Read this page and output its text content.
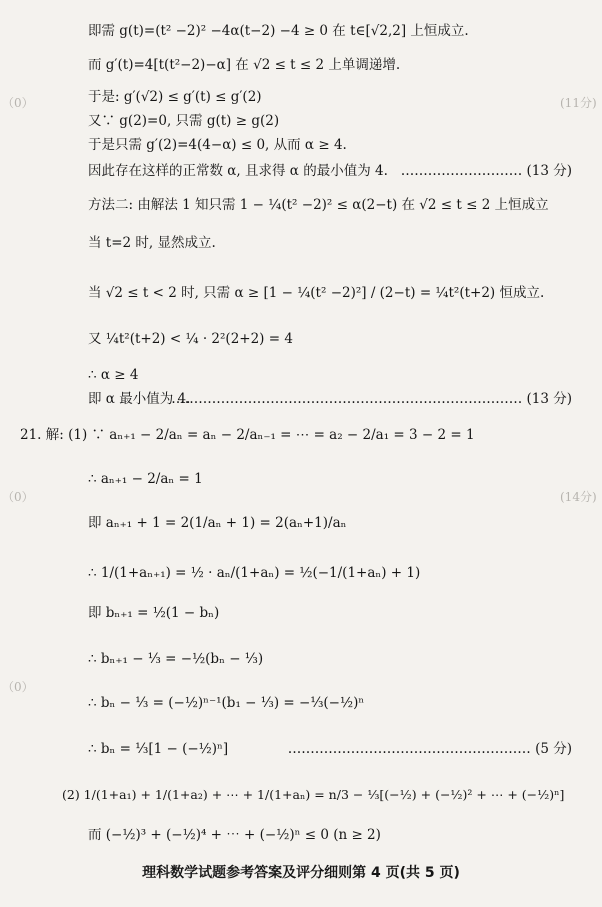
（0）	(11分)
（0）	(14分)
（0）
即需 g(t)=(t² −2)² −4α(t−2) −4 ≥ 0 在 t∈[√2,2] 上恒成立.
而 g′(t)=4[t(t²−2)−α] 在 √2 ≤ t ≤ 2 上单调递增.
于是: g′(√2) ≤ g′(t) ≤ g′(2)
又∵ g(2)=0, 只需 g(t) ≥ g(2)
于是只需 g′(2)=4(4−α) ≤ 0, 从而 α ≥ 4.
因此存在这样的正常数 α, 且求得 α 的最小值为 4. ……………………… (13 分)
方法二: 由解法 1 知只需 1 − ¼(t² −2)² ≤ α(2−t) 在 √2 ≤ t ≤ 2 上恒成立
当 t=2 时, 显然成立.
当 √2 ≤ t < 2 时, 只需 α ≥ [1 − ¼(t² −2)²] / (2−t) = ¼t²(t+2) 恒成立.
又 ¼t²(t+2) < ¼ · 2²(2+2) = 4
∴ α ≥ 4
即 α 最小值为 4.
…………………………………………………………………… (13 分)
21. 解: (1) ∵ aₙ₊₁ − 2/aₙ = aₙ − 2/aₙ₋₁ = ⋯ = a₂ − 2/a₁ = 3 − 2 = 1
∴ aₙ₊₁ − 2/aₙ = 1
即 aₙ₊₁ + 1 = 2(1/aₙ + 1) = 2(aₙ+1)/aₙ
∴ 1/(1+aₙ₊₁) = ½ · aₙ/(1+aₙ) = ½(−1/(1+aₙ) + 1)
即 bₙ₊₁ = ½(1 − bₙ)
∴ bₙ₊₁ − ⅓ = −½(bₙ − ⅓)
∴ bₙ − ⅓ = (−½)ⁿ⁻¹(b₁ − ⅓) = −⅓(−½)ⁿ
∴ bₙ = ⅓[1 − (−½)ⁿ]	……………………………………………… (5 分)
(2) 1/(1+a₁) + 1/(1+a₂) + ⋯ + 1/(1+aₙ) = n/3 − ⅓[(−½) + (−½)² + ⋯ + (−½)ⁿ]
而 (−½)³ + (−½)⁴ + ⋯ + (−½)ⁿ ≤ 0 (n ≥ 2)
理科数学试题参考答案及评分细则第 4 页(共 5 页)
